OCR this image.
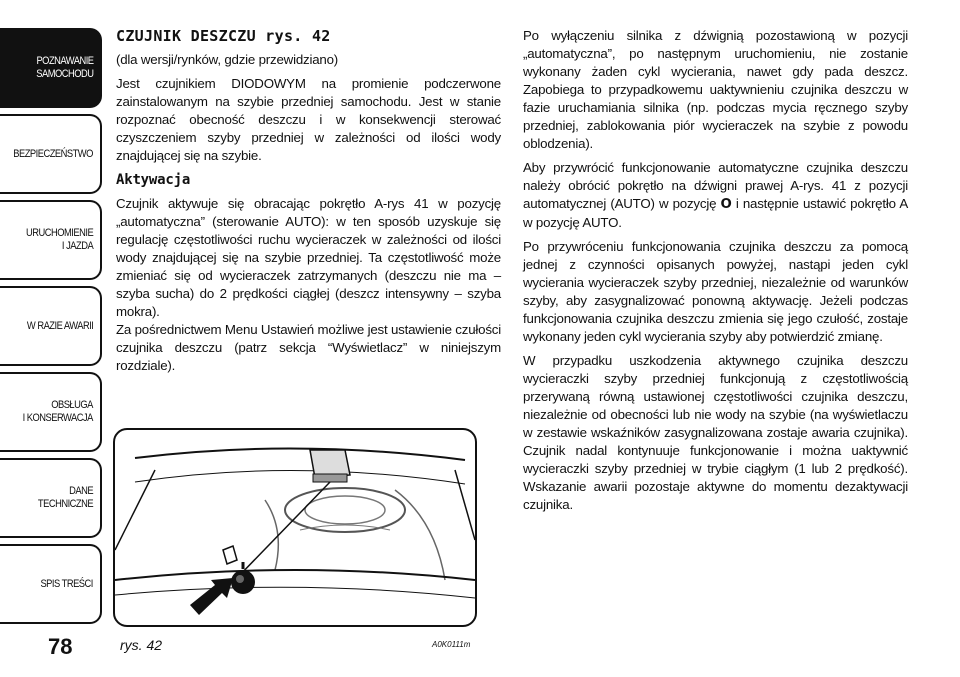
POZNAWANIE
SAMOCHODU
BEZPIECZEŃSTWO
URUCHOMIENIE
I JAZDA
W RAZIE AWARII
OBSŁUGA
I KONSERWACJA
DANE
TECHNICZNE
SPIS TREŚCI
78

CZUJNIK DESZCZU rys. 42

(dla wersji/rynków, gdzie przewidziano)

Jest czujnikiem DIODOWYM na promienie podczerwone zainstalowanym na szybie przedniej samochodu. Jest w stanie rozpoznać obecność deszczu i w konsekwencji sterować czyszczeniem szyby przedniej w zależności od ilości wody znajdującej się na szybie.

Aktywacja

Czujnik aktywuje się obracając pokrętło A-rys 41 w pozycję „automatyczna” (sterowanie AUTO): w ten sposób uzyskuje się regulację częstotliwości ruchu wycieraczek w zależności od ilości wody znajdującej się na szybie przedniej. Ta częstotliwość może zmieniać się od wycieraczek zatrzymanych (deszczu nie ma – szyba sucha) do 2 prędkości ciągłej (deszcz intensywny – szyba mokra).

Za pośrednictwem Menu Ustawień możliwe jest ustawienie czułości czujnika deszczu (patrz sekcja “Wyświetlacz” w niniejszym rozdziale).

rys. 42	A0K0111m

Po wyłączeniu silnika z dźwignią pozostawioną w pozycji „automatyczna”, po następnym uruchomieniu, nie zostanie wykonany żaden cykl wycierania, nawet gdy pada deszcz. Zapobiega to przypadkowemu uaktywnieniu czujnika deszczu w fazie uruchamiania silnika (np. podczas mycia ręcznego szyby przedniej, zablokowania piór wycieraczek na szybie z powodu oblodzenia).

Aby przywrócić funkcjonowanie automatyczne czujnika deszczu należy obrócić pokrętło na dźwigni prawej A-rys. 41 z pozycji automatycznej (AUTO) w pozycję O i następnie ustawić pokrętło A w pozycję AUTO.

Po przywróceniu funkcjonowania czujnika deszczu za pomocą jednej z czynności opisanych powyżej, nastąpi jeden cykl wycierania wycieraczek szyby przedniej, niezależnie od warunków szyby, aby zasygnalizować ponowną aktywację. Jeżeli podczas funkcjonowania czujnika deszczu zmienia się jego czułość, zostaje wykonany jeden cykl wycierania szyby aby potwierdzić zmianę.

W przypadku uszkodzenia aktywnego czujnika deszczu wycieraczki szyby przedniej funkcjonują z częstotliwością przerywaną równą ustawionej częstotliwości czujnika deszczu, niezależnie od obecności lub nie wody na szybie (na wyświetlaczu w zestawie wskaźników zasygnalizowana zostaje awaria czujnika). Czujnik nadal kontynuuje funkcjonowanie i można uaktywnić wycieraczki szyby przedniej w trybie ciągłym (1 lub 2 prędkość). Wskazanie awarii pozostaje aktywne do momentu dezaktywacji czujnika.
